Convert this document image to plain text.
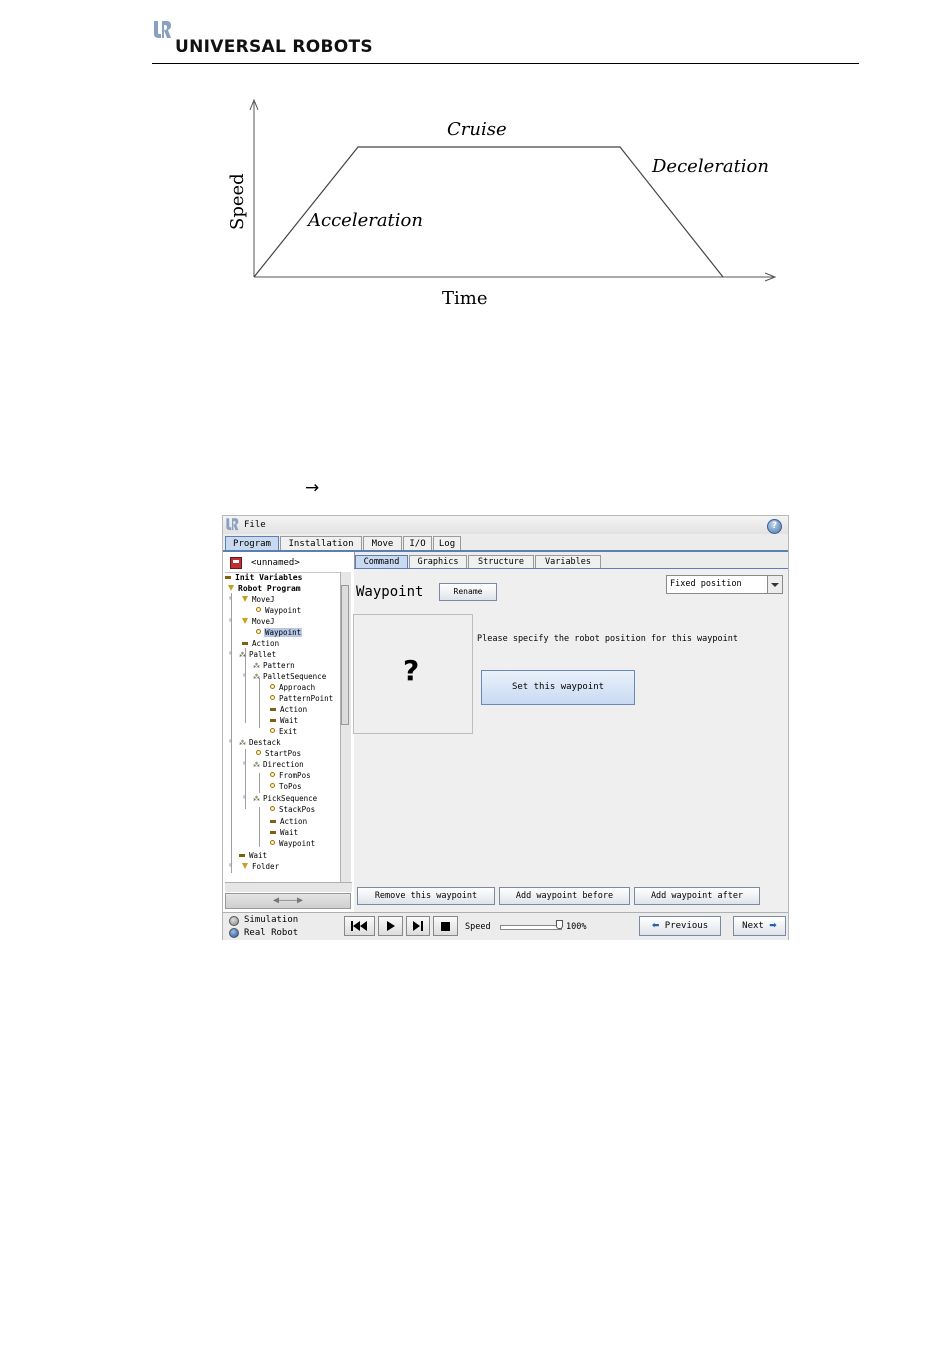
UNIVERSAL ROBOTS
Cruise
Deceleration
Acceleration
Speed
Time
→
File	?
Program	Installation	Move	I/O	Log
<unnamed>
Init Variables
Robot Program
ᵍ	MoveJ
Waypoint
ᵍ	MoveJ
Waypoint
Action
ᵍ ⁂ Pallet
⁂ Pattern
ᵍ ⁂ PalletSequence
Approach
PatternPoint
Action
Wait
Exit
ᵍ ⁂ Destack
StartPos
ᵍ ⁂ Direction
FromPos
ToPos
ᵍ ⁂ PickSequence
StackPos
Action
Wait
Waypoint
Wait
ᵍ	Folder
◀‒‒‒▶
Command	Graphics	Structure	Variables
Waypoint	Rename
Fixed position
?
Please specify the robot position for this waypoint
Set this waypoint
Remove this waypoint	Add waypoint before	Add waypoint after
Simulation
Real Robot
Speed	100%	⬅ Previous	Next ➡
